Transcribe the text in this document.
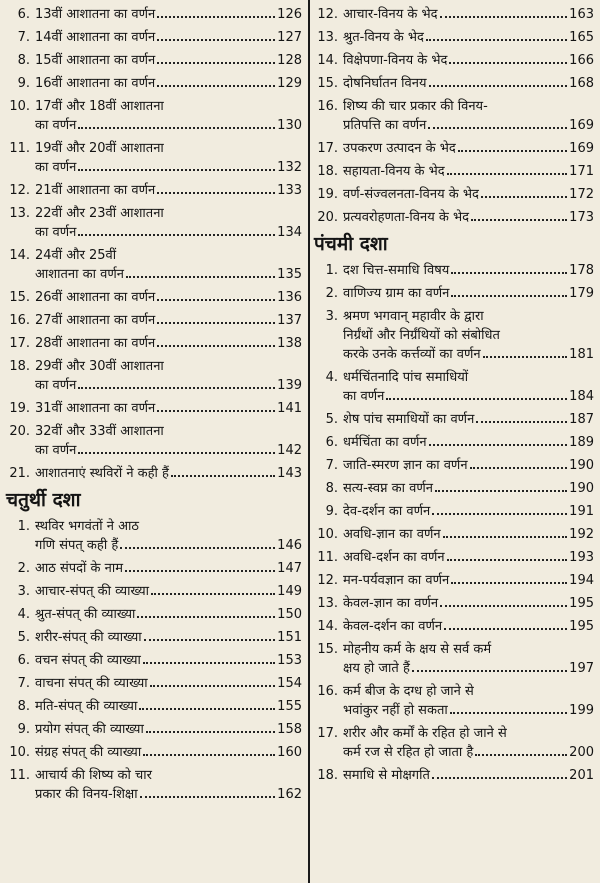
6. 13वीं आशातना का वर्णन	126
7. 14वीं आशातना का वर्णन	127
8. 15वीं आशातना का वर्णन	128
9. 16वीं आशातना का वर्णन	129
10. 17वीं और 18वीं आशातना
का वर्णन	130
11. 19वीं और 20वीं आशातना
का वर्णन	132
12. 21वीं आशातना का वर्णन	133
13. 22वीं और 23वीं आशातना
का वर्णन	134
14. 24वीं और 25वीं
आशातना का वर्णन	135
15. 26वीं आशातना का वर्णन	136
16. 27वीं आशातना का वर्णन	137
17. 28वीं आशातना का वर्णन	138
18. 29वीं और 30वीं आशातना
का वर्णन	139
19. 31वीं आशातना का वर्णन	141
20. 32वीं और 33वीं आशातना
का वर्णन	142
21. आशातनाएं स्थविरों ने कही हैं	143
चतुर्थी दशा
1. स्थविर भगवंतों ने आठ
गणि संपत् कही हैं	146
2. आठ संपदों के नाम	147
3. आचार-संपत् की व्याख्या	149
4. श्रुत-संपत् की व्याख्या	150
5. शरीर-संपत् की व्याख्या	151
6. वचन संपत् की व्याख्या	153
7. वाचना संपत् की व्याख्या	154
8. मति-संपत् की व्याख्या	155
9. प्रयोग संपत् की व्याख्या	158
10. संग्रह संपत् की व्याख्या	160
11. आचार्य की शिष्य को चार
प्रकार की विनय-शिक्षा	162
12. आचार-विनय के भेद	163
13. श्रुत-विनय के भेद	165
14. विक्षेपणा-विनय के भेद	166
15. दोषनिर्घातन विनय	168
16. शिष्य की चार प्रकार की विनय-
प्रतिपत्ति का वर्णन	169
17. उपकरण उत्पादन के भेद	169
18. सहायता-विनय के भेद	171
19. वर्ण-संज्वलनता-विनय के भेद	172
20. प्रत्यवरोहणता-विनय के भेद	173
पंचमी दशा
1. दश चित्त-समाधि विषय	178
2. वाणिज्य ग्राम का वर्णन	179
3. श्रमण भगवान् महावीर के द्वारा
निर्ग्रंथों और निर्ग्रंथियों को संबोधित
करके उनके कर्त्तव्यों का वर्णन	181
4. धर्मचिंतनादि पांच समाधियों
का वर्णन	184
5. शेष पांच समाधियों का वर्णन	187
6. धर्मचिंता का वर्णन	189
7. जाति-स्मरण ज्ञान का वर्णन	190
8. सत्य-स्वप्न का वर्णन	190
9. देव-दर्शन का वर्णन	191
10. अवधि-ज्ञान का वर्णन	192
11. अवधि-दर्शन का वर्णन	193
12. मन-पर्यवज्ञान का वर्णन	194
13. केवल-ज्ञान का वर्णन	195
14. केवल-दर्शन का वर्णन	195
15. मोहनीय कर्म के क्षय से सर्व कर्म
क्षय हो जाते हैं	197
16. कर्म बीज के दग्ध हो जाने से
भवांकुर नहीं हो सकता	199
17. शरीर और कर्मों के रहित हो जाने से
कर्म रज से रहित हो जाता है	200
18. समाधि से मोक्षगति	201
